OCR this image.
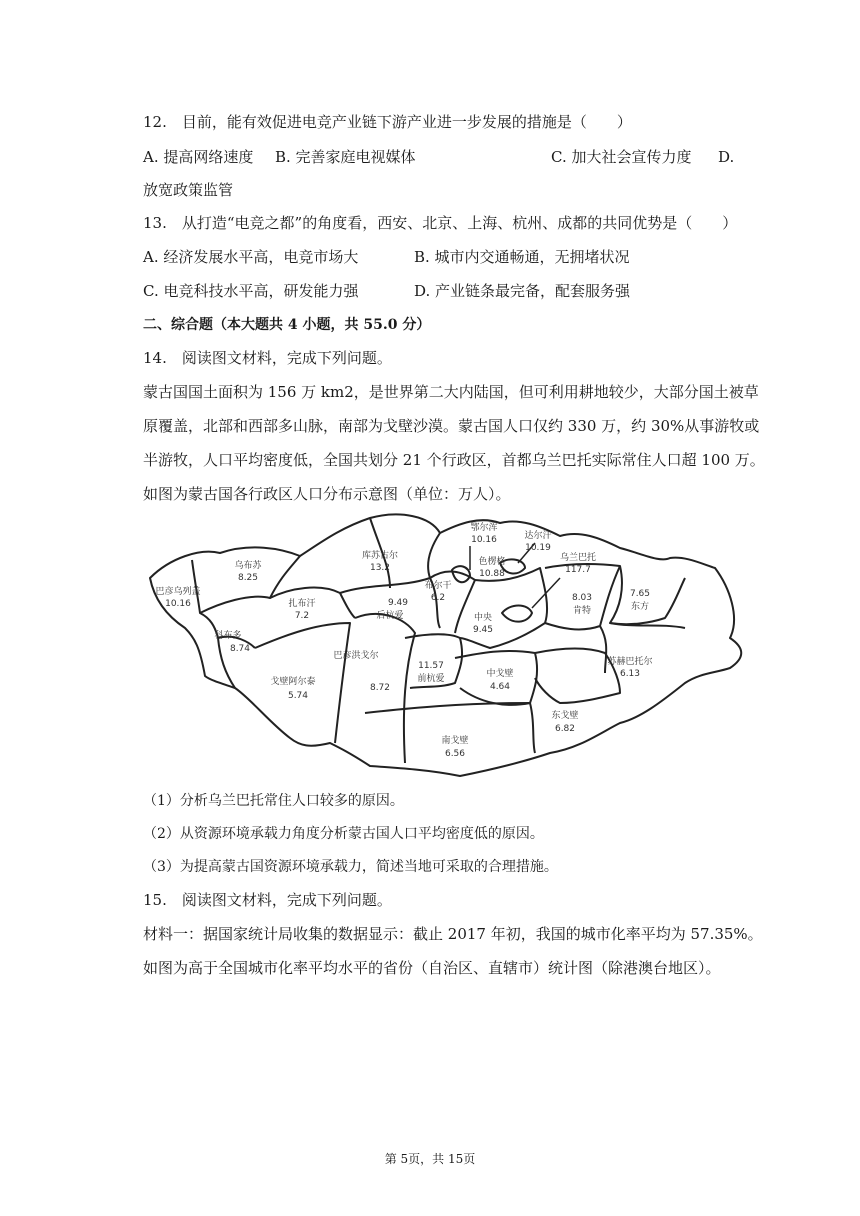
12.　目前，能有效促进电竞产业链下游产业进一步发展的措施是（　　）
A. 提高网络速度 B. 完善家庭电视媒体	C. 加大社会宣传力度 D.
放宽政策监管
13.　从打造“电竞之都”的角度看，西安、北京、上海、杭州、成都的共同优势是（　　）
A. 经济发展水平高，电竞市场大	B. 城市内交通畅通，无拥堵状况
C. 电竞科技水平高，研发能力强	D. 产业链条最完备，配套服务强
二、综合题（本大题共 4 小题，共 55.0 分）
14.　阅读图文材料，完成下列问题。
蒙古国国土面积为 156 万 km2，是世界第二大内陆国，但可利用耕地较少，大部分国土被草
原覆盖，北部和西部多山脉，南部为戈壁沙漠。蒙古国人口仅约 330 万，约 30%从事游牧或
半游牧，人口平均密度低，全国共划分 21 个行政区，首都乌兰巴托实际常住人口超 100 万。
如图为蒙古国各行政区人口分布示意图（单位：万人）。
乌布苏
8.25
库苏古尔
13.2
鄂尔浑
10.16	达尔汗
10.19
色楞格
10.88
乌兰巴托
117.7
巴彦乌列盖
10.16	扎布汗
7.2
布尔干
6.2
9.49
后杭爱	中央
9.45
8.03
肯特
7.65
东方
科布多
8.74
苏赫巴托尔
6.13
戈壁阿尔泰
5.74
巴彦洪戈尔
8.72
11.57
前杭爱	中戈壁
4.64
东戈壁
6.82
南戈壁
6.56
（1）分析乌兰巴托常住人口较多的原因。
（2）从资源环境承载力角度分析蒙古国人口平均密度低的原因。
（3）为提高蒙古国资源环境承载力，简述当地可采取的合理措施。
15.　阅读图文材料，完成下列问题。
材料一：据国家统计局收集的数据显示：截止 2017 年初，我国的城市化率平均为 57.35%。
如图为高于全国城市化率平均水平的省份（自治区、直辖市）统计图（除港澳台地区）。
第 5页，共 15页
